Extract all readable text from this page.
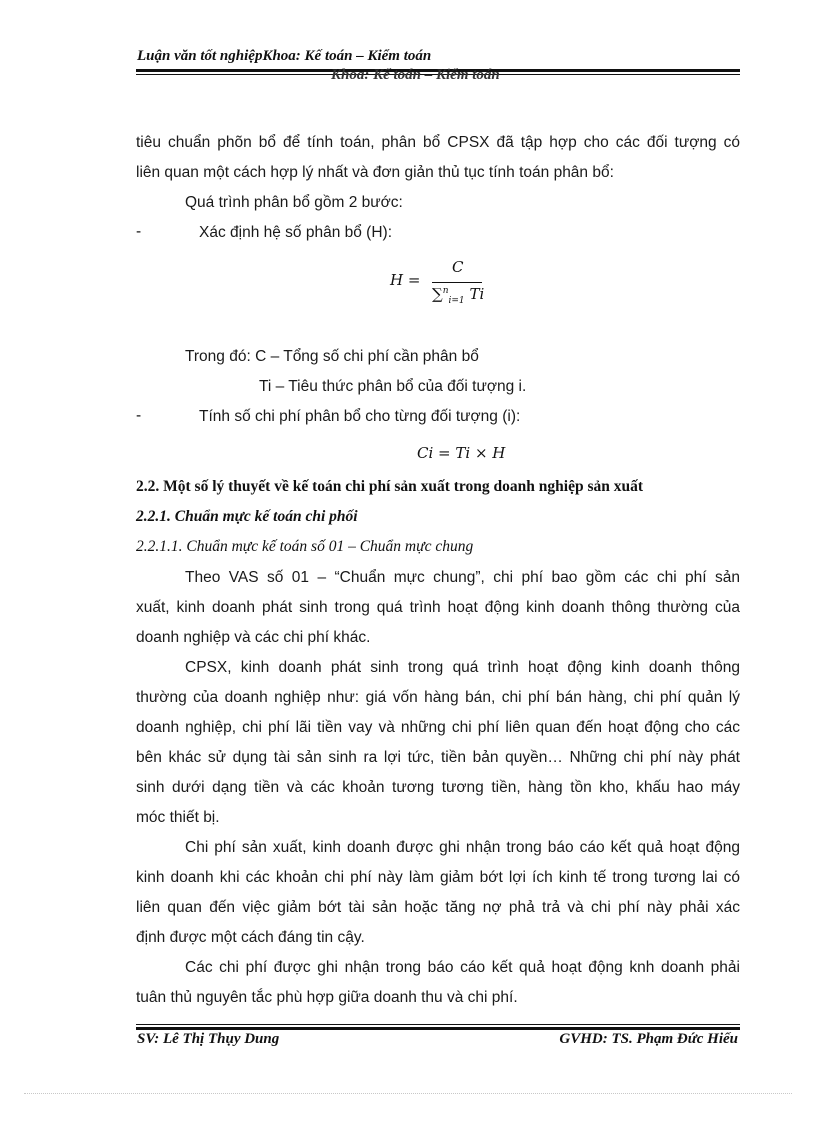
Luận văn tốt nghiệpKhoa: Kế toán – Kiểm toán
Khoa: Kế toán – Kiểm toán
tiêu chuẩn phõn bổ để tính toán, phân bổ CPSX đã tập hợp cho các đối tượng có
liên quan một cách hợp lý nhất và đơn giản thủ tục tính toán phân bổ:
Quá trình phân bổ gồm 2 bước:
-	Xác định hệ số phân bổ (H):
H =
C
∑$^n_{i=1}$ Ti
Trong đó: C – Tổng số chi phí cần phân bổ
Ti – Tiêu thức phân bổ của đối tượng i.
-	Tính số chi phí phân bổ cho từng đối tượng (i):
Ci = Ti × H
2.2. Một số lý thuyết về kế toán chi phí sản xuất trong doanh nghiệp sản xuất
2.2.1. Chuẩn mực kế toán chi phối
2.2.1.1. Chuẩn mực kế toán số 01 – Chuẩn mực chung
Theo VAS số 01 – “Chuẩn mực chung”, chi phí bao gồm các chi phí sản
xuất, kinh doanh phát sinh trong quá trình hoạt động kinh doanh thông thường của
doanh nghiệp và các chi phí khác.
CPSX, kinh doanh phát sinh trong quá trình hoạt động kinh doanh thông
thường của doanh nghiệp như: giá vốn hàng bán, chi phí bán hàng, chi phí quản lý
doanh nghiệp, chi phí lãi tiền vay và những chi phí liên quan đến hoạt động cho các
bên khác sử dụng tài sản sinh ra lợi tức, tiền bản quyền… Những chi phí này phát
sinh dưới dạng tiền và các khoản tương tương tiền, hàng tồn kho, khấu hao máy
móc thiết bị.
Chi phí sản xuất, kinh doanh được ghi nhận trong báo cáo kết quả hoạt động
kinh doanh khi các khoản chi phí này làm giảm bớt lợi ích kinh tế trong tương lai có
liên quan đến việc giảm bớt tài sản hoặc tăng nợ phả trả và chi phí này phải xác
định được một cách đáng tin cậy.
Các chi phí được ghi nhận trong báo cáo kết quả hoạt động knh doanh phải
tuân thủ nguyên tắc phù hợp giữa doanh thu và chi phí.
SV: Lê Thị Thụy Dung	GVHD: TS. Phạm Đức Hiếu
